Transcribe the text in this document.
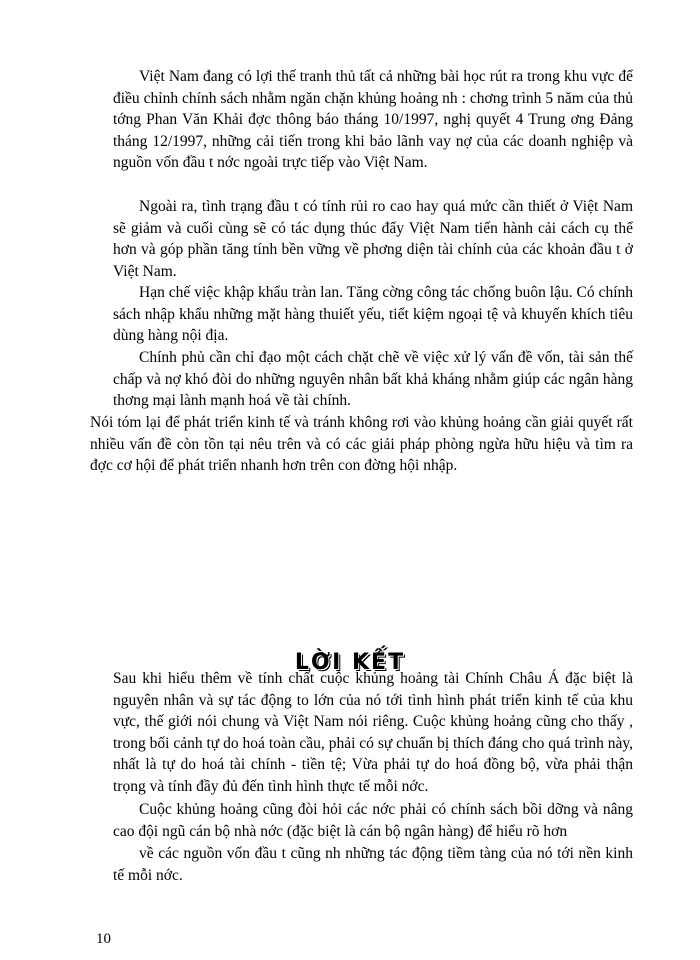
Việt Nam đang có lợi thế tranh thủ tất cả những bài học rút ra trong khu vực để điều chỉnh chính sách nhằm ngăn chặn khủng hoảng nh : chơng trình 5 năm của thủ tớng Phan Văn Khải đợc thông báo tháng 10/1997, nghị quyết 4 Trung ơng Đảng tháng 12/1997, những cải tiến trong khi bảo lãnh vay nợ của các doanh nghiệp và nguồn vốn đầu t nớc ngoài trực tiếp vào Việt Nam.

Ngoài ra, tình trạng đầu t có tính rủi ro cao hay quá mức cần thiết ở Việt Nam sẽ giảm và cuối cùng sẽ có tác dụng thúc đẩy Việt Nam tiến hành cải cách cụ thể hơn và góp phần tăng tính bền vững về phơng diện tài chính của các khoản đầu t ở Việt Nam.

Hạn chế việc khập khẩu tràn lan. Tăng cờng công tác chống buôn lậu. Có chính sách nhập khẩu những mặt hàng thuiết yếu, tiết kiệm ngoại tệ và khuyến khích tiêu dùng hàng nội địa.

Chính phủ cần chỉ đạo một cách chặt chẽ về việc xử lý vấn đề vốn, tài sản thế chấp và nợ khó đòi do những nguyên nhân bất khả kháng nhằm giúp các ngân hàng thơng mại lành mạnh hoá về tài chính.

Nói tóm lại để phát triển kinh tế và tránh không rơi vào khủng hoảng cần giải quyết rất nhiều vấn đề còn tồn tại nêu trên và có các giải pháp phòng ngừa hữu hiệu và tìm ra đợc cơ hội để phát triển nhanh hơn trên con đờng hội nhập.

LỜI KẾT

Sau khi hiểu thêm về tính chất cuộc khủng hoảng tài Chính Châu Á đặc biệt là nguyên nhân và sự tác động to lớn của nó tới tình hình phát triển kinh tế của khu vực, thế giới nói chung và Việt Nam nói riêng. Cuộc khủng hoảng cũng cho thấy , trong bối cảnh tự do hoá toàn cầu, phải có sự chuẩn bị thích đáng cho quá trình này, nhất là tự do hoá tài chính - tiền tệ; Vừa phải tự do hoá đồng bộ, vừa phải thận trọng và tính đầy đủ đến tình hình thực tế mỗi nớc.

Cuộc khủng hoảng cũng đòi hỏi các nớc phải có chính sách bồi dỡng và nâng cao đội ngũ cán bộ nhà nớc (đặc biệt là cán bộ ngân hàng) để hiểu rõ hơn

về các nguồn vốn đầu t cũng nh những tác động tiềm tàng của nó tới nền kinh tế mỗi nớc.

10
